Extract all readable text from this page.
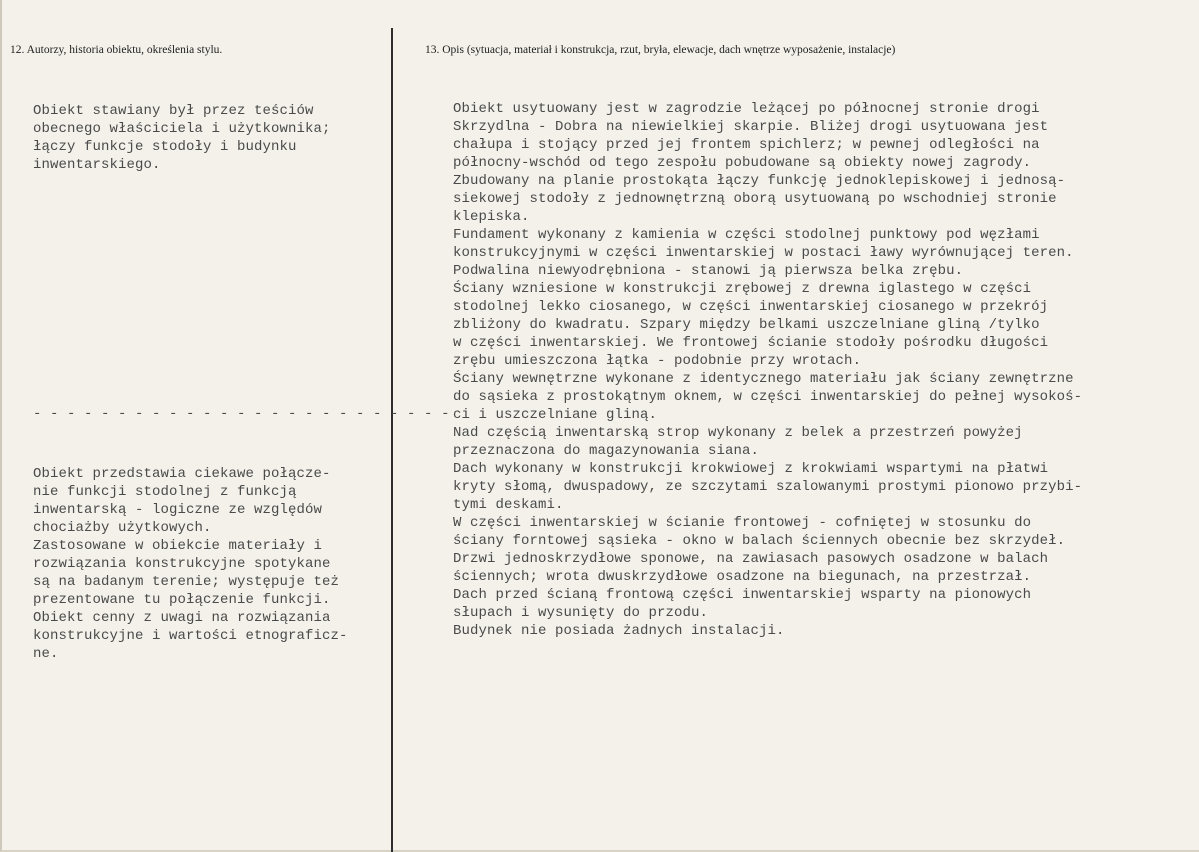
12. Autorzy, historia obiektu, określenia stylu.	13. Opis (sytuacja, materiał i konstrukcja, rzut, bryła, elewacje, dach wnętrze wyposażenie, instalacje)
Obiekt stawiany był przez teściów
obecnego właściciela i użytkownika;
łączy funkcje stodoły i budynku
inwentarskiego.
- - - - - - - - - - - - - - - - - - - - - - - - -
Obiekt przedstawia ciekawe połącze-
nie funkcji stodolnej z funkcją
inwentarską - logiczne ze względów
chociażby użytkowych.
Zastosowane w obiekcie materiały i
rozwiązania konstrukcyjne spotykane
są na badanym terenie; występuje też
prezentowane tu połączenie funkcji.
Obiekt cenny z uwagi na rozwiązania
konstrukcyjne i wartości etnograficz-
ne.
Obiekt usytuowany jest w zagrodzie leżącej po północnej stronie drogi
Skrzydlna - Dobra na niewielkiej skarpie. Bliżej drogi usytuowana jest
chałupa i stojący przed jej frontem spichlerz; w pewnej odległości na
północny-wschód od tego zespołu pobudowane są obiekty nowej zagrody.
Zbudowany na planie prostokąta łączy funkcję jednoklepiskowej i jednosą-
siekowej stodoły z jednownętrzną oborą usytuowaną po wschodniej stronie
klepiska.
Fundament wykonany z kamienia w części stodolnej punktowy pod węzłami
konstrukcyjnymi w części inwentarskiej w postaci ławy wyrównującej teren.
Podwalina niewyodrębniona - stanowi ją pierwsza belka zrębu.
Ściany wzniesione w konstrukcji zrębowej z drewna iglastego w części
stodolnej lekko ciosanego, w części inwentarskiej ciosanego w przekrój
zbliżony do kwadratu. Szpary między belkami uszczelniane gliną /tylko
w części inwentarskiej. We frontowej ścianie stodoły pośrodku długości
zrębu umieszczona łątka - podobnie przy wrotach.
Ściany wewnętrzne wykonane z identycznego materiału jak ściany zewnętrzne
do sąsieka z prostokątnym oknem, w części inwentarskiej do pełnej wysokoś-
ci i uszczelniane gliną.
Nad częścią inwentarską strop wykonany z belek a przestrzeń powyżej
przeznaczona do magazynowania siana.
Dach wykonany w konstrukcji krokwiowej z krokwiami wspartymi na płatwi
kryty słomą, dwuspadowy, ze szczytami szalowanymi prostymi pionowo przybi-
tymi deskami.
W części inwentarskiej w ścianie frontowej - cofniętej w stosunku do
ściany forntowej sąsieka - okno w balach ściennych obecnie bez skrzydeł.
Drzwi jednoskrzydłowe sponowe, na zawiasach pasowych osadzone w balach
ściennych; wrota dwuskrzydłowe osadzone na biegunach, na przestrzał.
Dach przed ścianą frontową części inwentarskiej wsparty na pionowych
słupach i wysunięty do przodu.
Budynek nie posiada żadnych instalacji.
